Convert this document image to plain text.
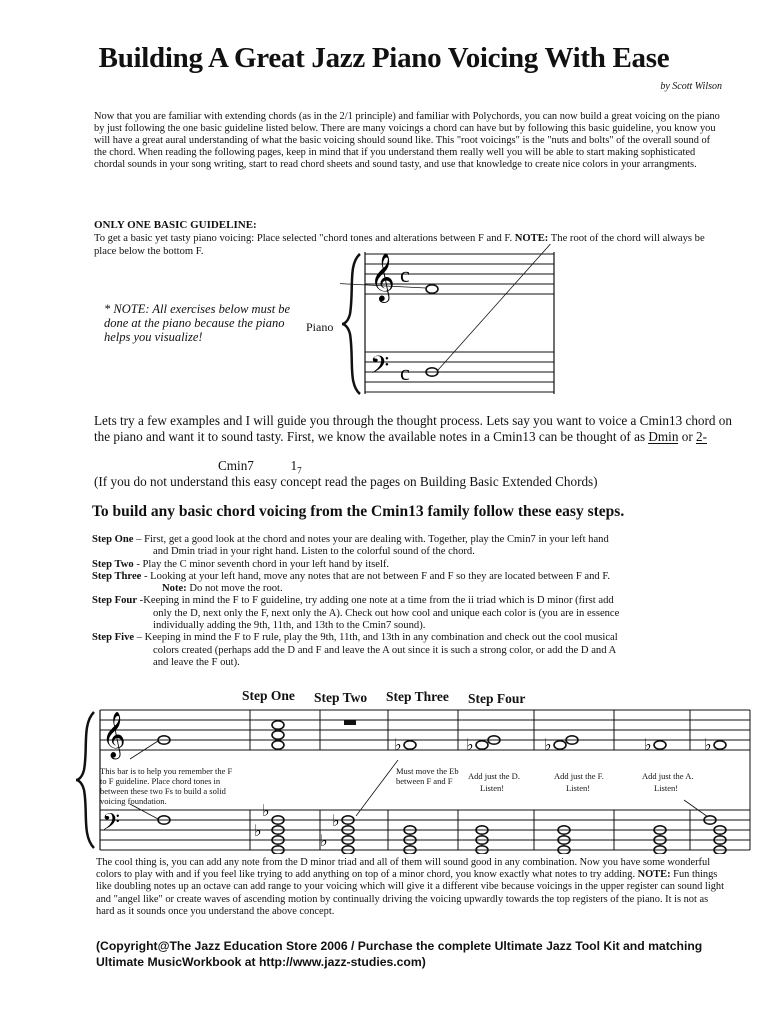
Building A Great Jazz Piano Voicing With Ease
by Scott Wilson
Now that you are familiar with extending chords (as in the 2/1 principle) and familiar with Polychords, you can now build a great voicing on the piano by just following the one basic guideline listed below. There are many voicings a chord can have but by following this basic guideline, you know you will have a great aural understanding of what the basic voicing should sound like. This "root voicings" is the "nuts and bolts" of the overall sound of the chord. When reading the following pages, keep in mind that if you understand them really well you will be able to start making sophisticated chordal sounds in your song writing, start to read chord sheets and sound tasty, and use that knowledge to create nice colors in your arrangments.
ONLY ONE BASIC GUIDELINE:
To get a basic yet tasty piano voicing: Place selected "chord tones and alterations between F and F. NOTE: The root of the chord will always be place below the bottom F.
* NOTE: All exercises below must be done at the piano because the piano helps you visualize!
Piano
𝄞
𝄢
c
c
Lets try a few examples and I will guide you through the thought process. Lets say you want to voice a Cmin13 chord on the piano and want it to sound tasty. First, we know the available notes in a Cmin13 can be thought of as Dmin or 2-
Cmin7	$1_7$
(If you do not understand this easy concept read the pages on Building Basic Extended Chords)
To build any basic chord voicing from the Cmin13 family follow these easy steps.
Step One – First, get a good look at the chord and notes your are dealing with. Together, play the Cmin7 in your left hand
and Dmin triad in your right hand. Listen to the colorful sound of the chord.
Step Two - Play the C minor seventh chord in your left hand by itself.
Step Three - Looking at your left hand, move any notes that are not between F and F so they are located between F and F.
Note: Do not move the root.
Step Four -Keeping in mind the F to F guideline, try adding one note at a time from the ii triad which is D minor (first add
only the D, next only the F, next only the A). Check out how cool and unique each color is (you are in essence
individually adding the 9th, 11th, and 13th to the Cmin7 sound).
Step Five – Keeping in mind the F to F rule, play the 9th, 11th, and 13th in any combination and check out the cool musical
colors created (perhaps add the D and F and leave the A out since it is such a strong color, or add the D and A
and leave the F out).
Step One Step Two Step Three Step Four
𝄞
𝄢	♭
♭
♭
♭
♭	♭	♭	♭	♭
This bar is to help you remember the F to F guideline. Place chord tones in between these two Fs to build a solid voicing foundation.
Must move the Eb between F and F	Add just the D.
Listen!
Add just the F.
Listen!
Add just the A.
Listen!
The cool thing is, you can add any note from the D minor triad and all of them will sound good in any combination. Now you have some wonderful colors to play with and if you feel like trying to add anything on top of a minor chord, you know exactly what notes to try adding. NOTE: Fun things like doubling notes up an octave can add range to your voicing which will give it a different vibe because voicings in the upper register can sound light and "angel like" or create waves of ascending motion by continually driving the voicing upwardly towards the top registers of the piano. It is not as hard as it sounds once you understand the above concept.
(Copyright@The Jazz Education Store 2006 / Purchase the complete Ultimate Jazz Tool Kit and matching Ultimate MusicWorkbook at http://www.jazz-studies.com)
